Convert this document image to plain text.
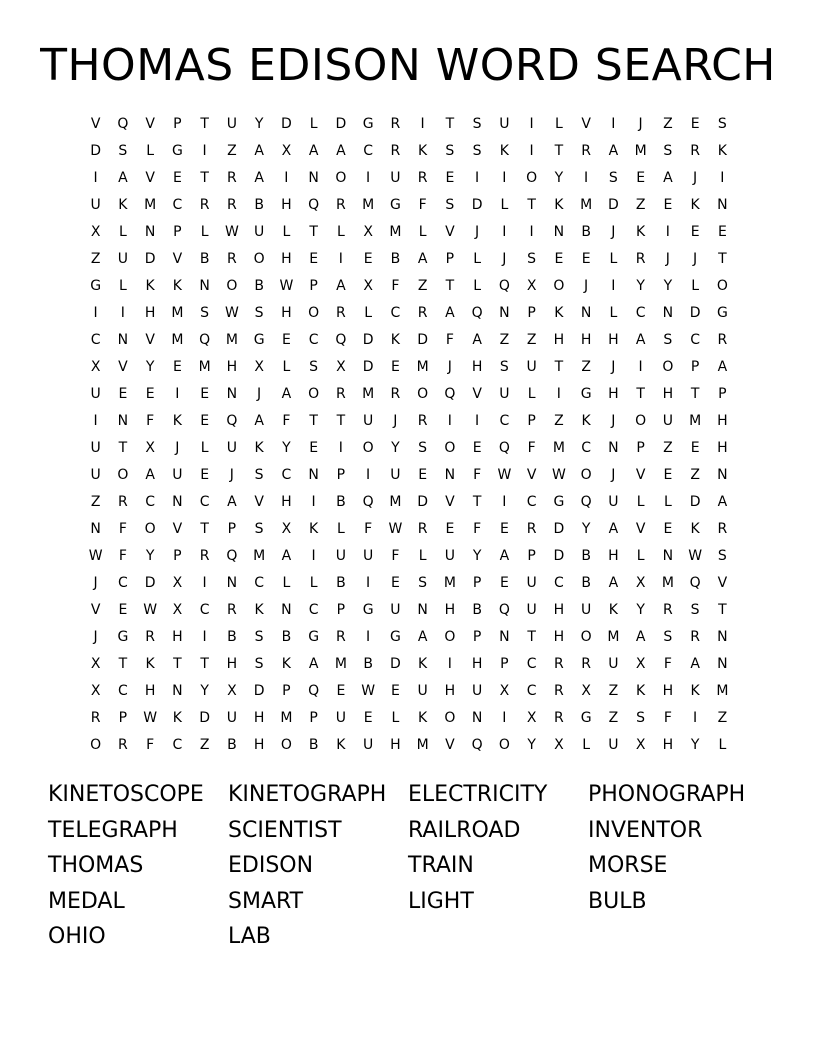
THOMAS EDISON WORD SEARCH
V	Q	V	P	T	U	Y	D	L	D	G	R	I	T	S	U	I	L	V	I	J	Z	E	S
D	S	L	G	I	Z	A	X	A	A	C	R	K	S	S	K	I	T	R	A	M	S	R	K
I	A	V	E	T	R	A	I	N	O	I	U	R	E	I	I	O	Y	I	S	E	A	J	I
U	K	M	C	R	R	B	H	Q	R	M	G	F	S	D	L	T	K	M	D	Z	E	K	N
X	L	N	P	L	W	U	L	T	L	X	M	L	V	J	I	I	N	B	J	K	I	E	E
Z	U	D	V	B	R	O	H	E	I	E	B	A	P	L	J	S	E	E	L	R	J	J	T
G	L	K	K	N	O	B	W	P	A	X	F	Z	T	L	Q	X	O	J	I	Y	Y	L	O
I	I	H	M	S	W	S	H	O	R	L	C	R	A	Q	N	P	K	N	L	C	N	D	G
C	N	V	M	Q	M	G	E	C	Q	D	K	D	F	A	Z	Z	H	H	H	A	S	C	R
X	V	Y	E	M	H	X	L	S	X	D	E	M	J	H	S	U	T	Z	J	I	O	P	A
U	E	E	I	E	N	J	A	O	R	M	R	O	Q	V	U	L	I	G	H	T	H	T	P
I	N	F	K	E	Q	A	F	T	T	U	J	R	I	I	C	P	Z	K	J	O	U	M	H
U	T	X	J	L	U	K	Y	E	I	O	Y	S	O	E	Q	F	M	C	N	P	Z	E	H
U	O	A	U	E	J	S	C	N	P	I	U	E	N	F	W	V	W	O	J	V	E	Z	N
Z	R	C	N	C	A	V	H	I	B	Q	M	D	V	T	I	C	G	Q	U	L	L	D	A
N	F	O	V	T	P	S	X	K	L	F	W	R	E	F	E	R	D	Y	A	V	E	K	R
W	F	Y	P	R	Q	M	A	I	U	U	F	L	U	Y	A	P	D	B	H	L	N	W	S
J	C	D	X	I	N	C	L	L	B	I	E	S	M	P	E	U	C	B	A	X	M	Q	V
V	E	W	X	C	R	K	N	C	P	G	U	N	H	B	Q	U	H	U	K	Y	R	S	T
J	G	R	H	I	B	S	B	G	R	I	G	A	O	P	N	T	H	O	M	A	S	R	N
X	T	K	T	T	H	S	K	A	M	B	D	K	I	H	P	C	R	R	U	X	F	A	N
X	C	H	N	Y	X	D	P	Q	E	W	E	U	H	U	X	C	R	X	Z	K	H	K	M
R	P	W	K	D	U	H	M	P	U	E	L	K	O	N	I	X	R	G	Z	S	F	I	Z
O	R	F	C	Z	B	H	O	B	K	U	H	M	V	Q	O	Y	X	L	U	X	H	Y	L
KINETOSCOPE KINETOGRAPH ELECTRICITY PHONOGRAPH
TELEGRAPH SCIENTIST	RAILROAD	INVENTOR
THOMAS	EDISON	TRAIN	MORSE
MEDAL	SMART	LIGHT	BULB
OHIO	LAB
